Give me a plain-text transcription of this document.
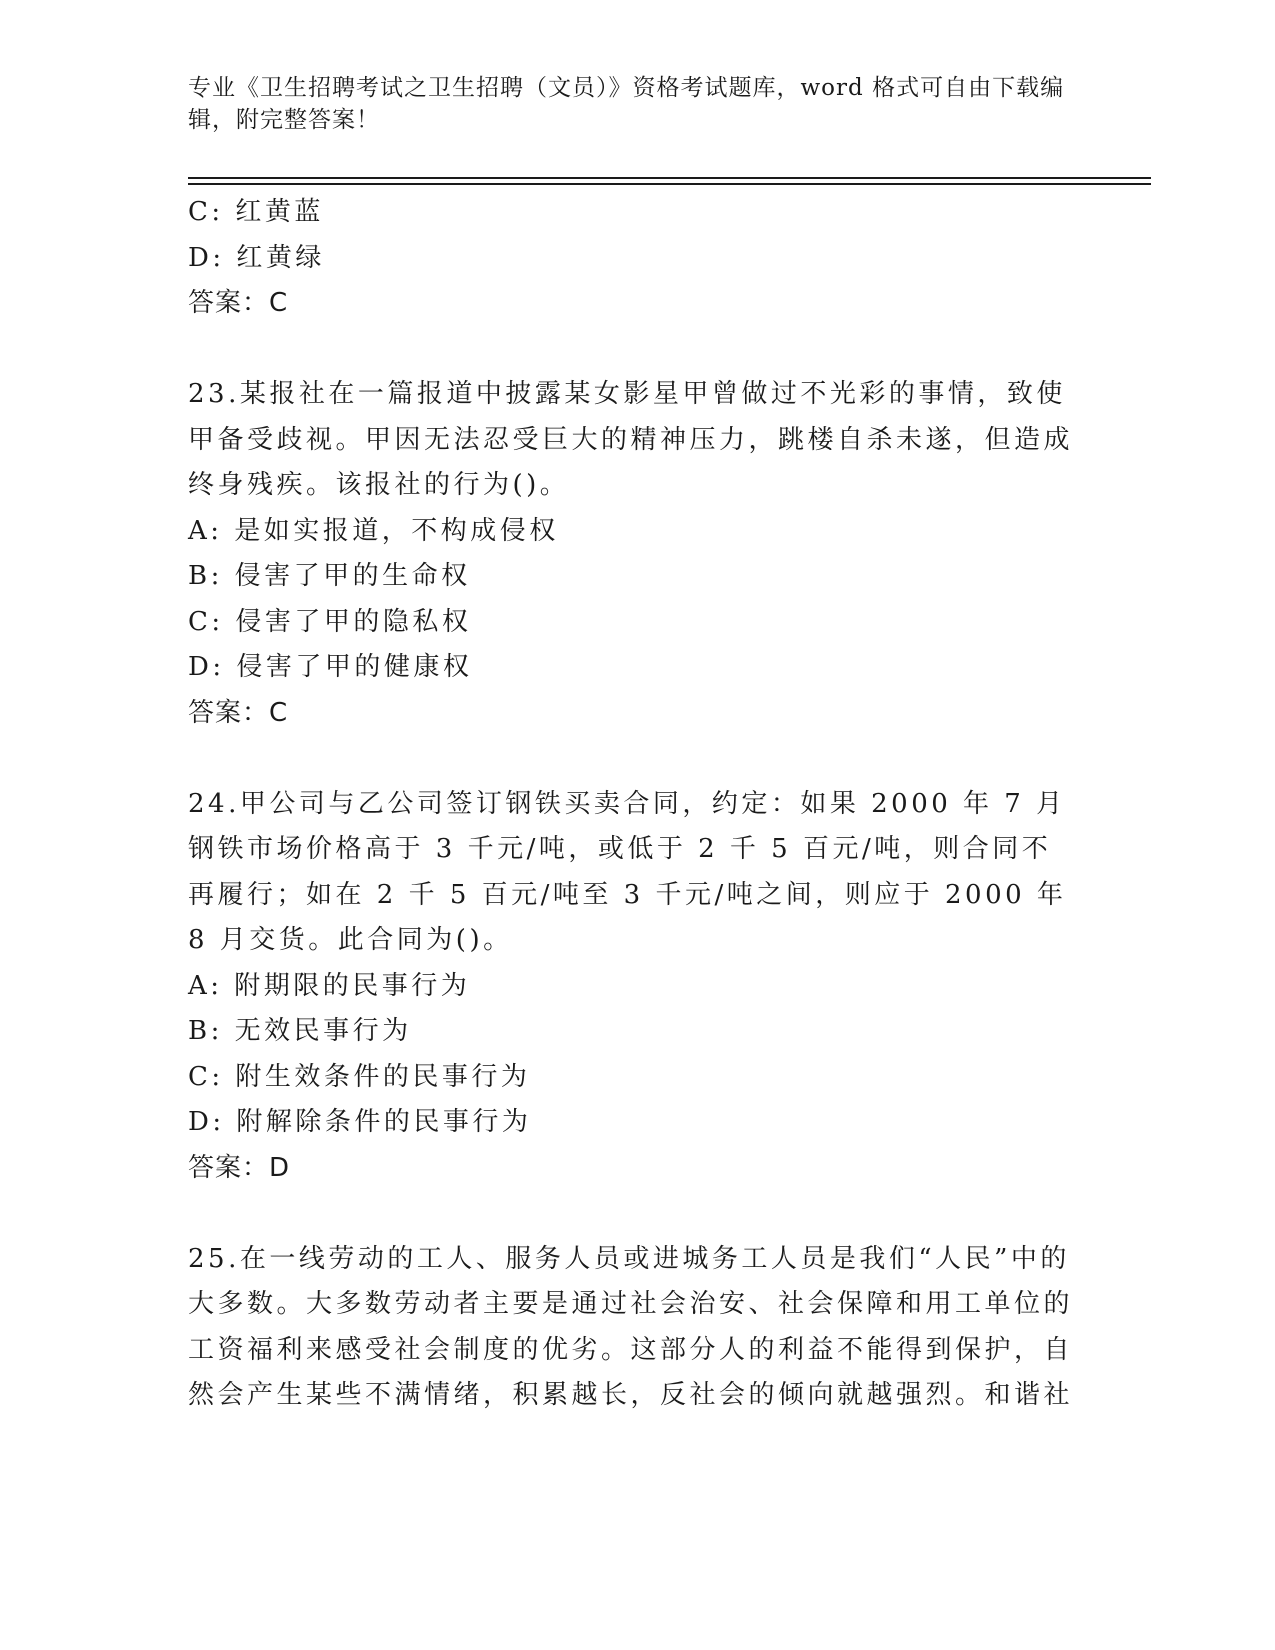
专业《卫生招聘考试之卫生招聘（文员）》资格考试题库，word 格式可自由下载编辑，附完整答案！
C: 红黄蓝
D: 红黄绿
答案：C
23.某报社在一篇报道中披露某女影星甲曾做过不光彩的事情，致使甲备受歧视。甲因无法忍受巨大的精神压力，跳楼自杀未遂，但造成终身残疾。该报社的行为()。
A: 是如实报道，不构成侵权
B: 侵害了甲的生命权
C: 侵害了甲的隐私权
D: 侵害了甲的健康权
答案：C
24.甲公司与乙公司签订钢铁买卖合同，约定：如果 2000 年 7 月钢铁市场价格高于 3 千元/吨，或低于 2 千 5 百元/吨，则合同不再履行；如在 2 千 5 百元/吨至 3 千元/吨之间，则应于 2000 年 8 月交货。此合同为()。
A: 附期限的民事行为
B: 无效民事行为
C: 附生效条件的民事行为
D: 附解除条件的民事行为
答案：D
25.在一线劳动的工人、服务人员或进城务工人员是我们“人民”中的大多数。大多数劳动者主要是通过社会治安、社会保障和用工单位的工资福利来感受社会制度的优劣。这部分人的利益不能得到保护，自然会产生某些不满情绪，积累越长，反社会的倾向就越强烈。和谐社
